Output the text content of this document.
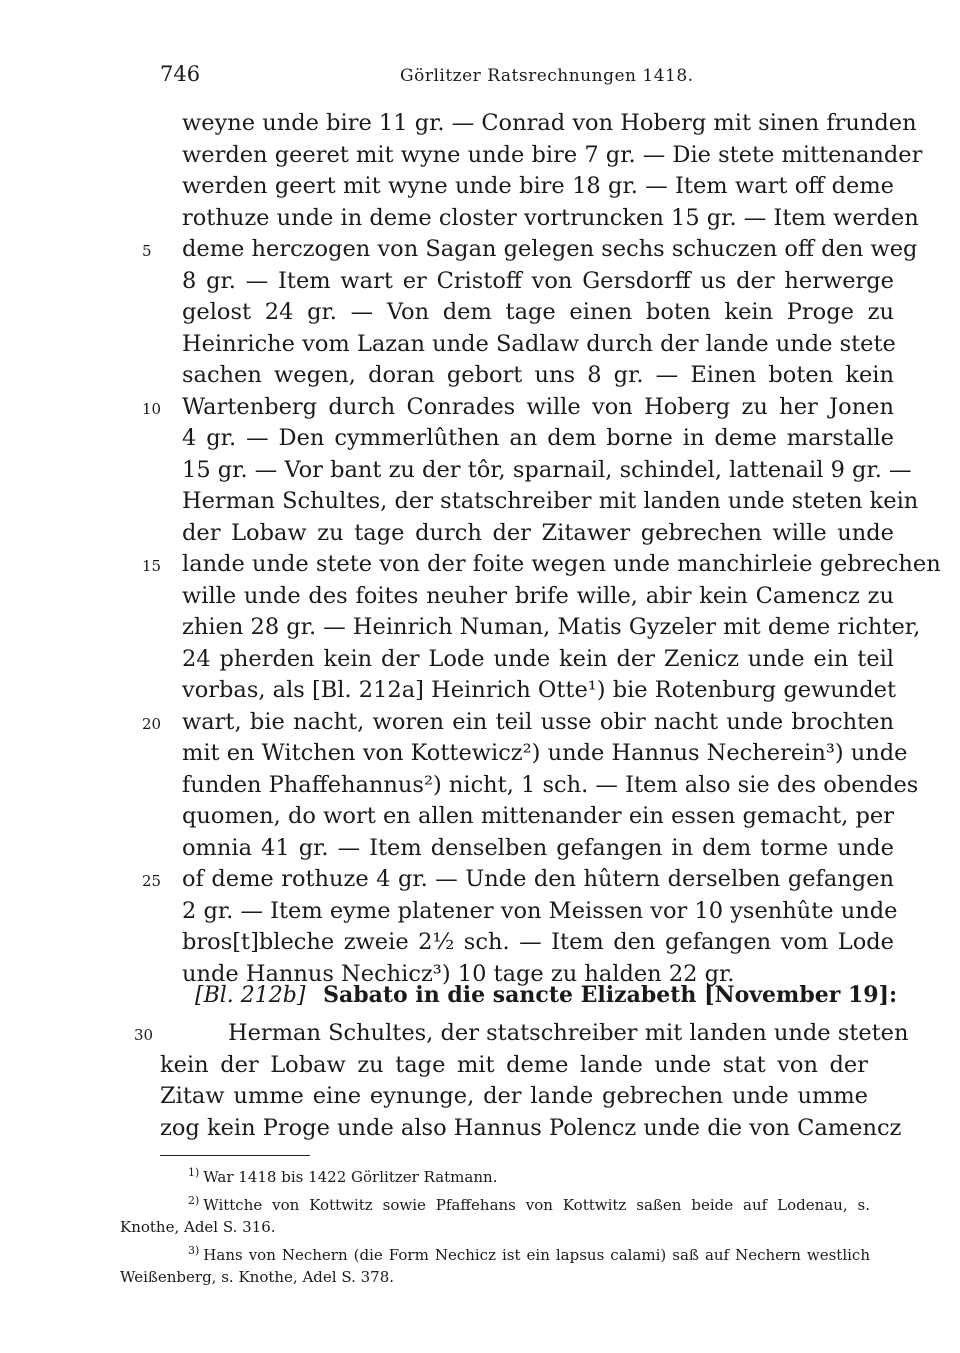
746	Görlitzer Ratsrechnungen 1418.
weyne unde bire 11 gr. — Conrad von Hoberg mit sinen frunden
werden geeret mit wyne unde bire 7 gr. — Die stete mittenander
werden geert mit wyne unde bire 18 gr. — Item wart off deme
rothuze unde in deme closter vortruncken 15 gr. — Item werden
5 deme herczogen von Sagan gelegen sechs schuczen off den weg
8 gr. — Item wart er Cristoff von Gersdorff us der herwerge
gelost 24 gr. — Von dem tage einen boten kein Proge zu
Heinriche vom Lazan unde Sadlaw durch der lande unde stete
sachen wegen, doran gebort uns 8 gr. — Einen boten kein
10 Wartenberg durch Conrades wille von Hoberg zu her Jonen
4 gr. — Den cymmerlûthen an dem borne in deme marstalle
15 gr. — Vor bant zu der tôr, sparnail, schindel, lattenail 9 gr. —
Herman Schultes, der statschreiber mit landen unde steten kein
der Lobaw zu tage durch der Zitawer gebrechen wille unde
15 lande unde stete von der foite wegen unde manchirleie gebrechen
wille unde des foites neuher brife wille, abir kein Camencz zu
zhien 28 gr. — Heinrich Numan, Matis Gyzeler mit deme richter,
24 pherden kein der Lode unde kein der Zenicz unde ein teil
vorbas, als [Bl. 212a] Heinrich Otte¹) bie Rotenburg gewundet
20 wart, bie nacht, woren ein teil usse obir nacht unde brochten
mit en Witchen von Kottewicz²) unde Hannus Necherein³) unde
funden Phaffehannus²) nicht, 1 sch. — Item also sie des obendes
quomen, do wort en allen mittenander ein essen gemacht, per
omnia 41 gr. — Item denselben gefangen in dem torme unde
25 of deme rothuze 4 gr. — Unde den hûtern derselben gefangen
2 gr. — Item eyme platener von Meissen vor 10 ysenhûte unde
bros[t]bleche zweie 2½ sch. — Item den gefangen vom Lode
unde Hannus Nechicz³) 10 tage zu halden 22 gr.
[Bl. 212b] Sabato in die sancte Elizabeth [November 19]:
30	Herman Schultes, der statschreiber mit landen unde steten
kein der Lobaw zu tage mit deme lande unde stat von der
Zitaw umme eine eynunge, der lande gebrechen unde umme
zog kein Proge unde also Hannus Polencz unde die von Camencz
$^{1)}$ War 1418 bis 1422 Görlitzer Ratmann.
$^{2)}$ Wittche von Kottwitz sowie Pfaffehans von Kottwitz saßen beide auf Lodenau, s. Knothe, Adel S. 316.
$^{3)}$ Hans von Nechern (die Form Nechicz ist ein lapsus calami) saß auf Nechern westlich Weißenberg, s. Knothe, Adel S. 378.
